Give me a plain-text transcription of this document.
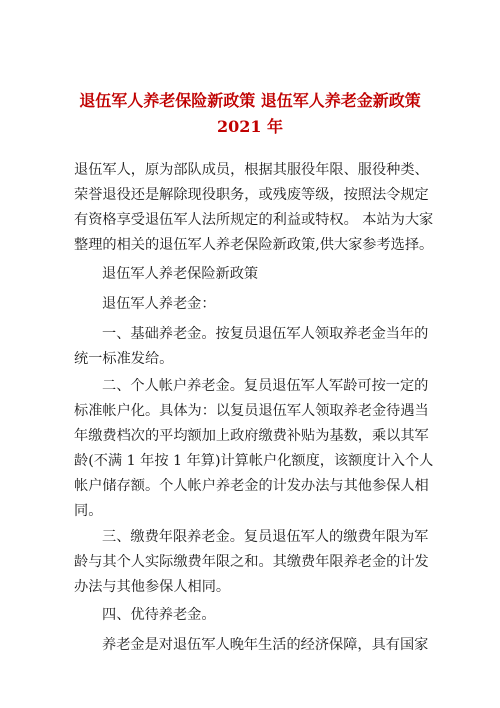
退伍军人养老保险新政策 退伍军人养老金新政策
2021 年
退伍军人，原为部队成员，根据其服役年限、服役种类、
荣誉退役还是解除现役职务，或残废等级，按照法令规定
有资格享受退伍军人法所规定的利益或特权。 本站为大家
整理的相关的退伍军人养老保险新政策,供大家参考选择。
退伍军人养老保险新政策
退伍军人养老金：
一、基础养老金。按复员退伍军人领取养老金当年的
统一标准发给。
二、个人帐户养老金。复员退伍军人军龄可按一定的
标准帐户化。具体为：以复员退伍军人领取养老金待遇当
年缴费档次的平均额加上政府缴费补贴为基数，乘以其军
龄(不满 1 年按 1 年算)计算帐户化额度，该额度计入个人
帐户储存额。个人帐户养老金的计发办法与其他参保人相
同。
三、缴费年限养老金。复员退伍军人的缴费年限为军
龄与其个人实际缴费年限之和。其缴费年限养老金的计发
办法与其他参保人相同。
四、优待养老金。
养老金是对退伍军人晚年生活的经济保障，具有国家
